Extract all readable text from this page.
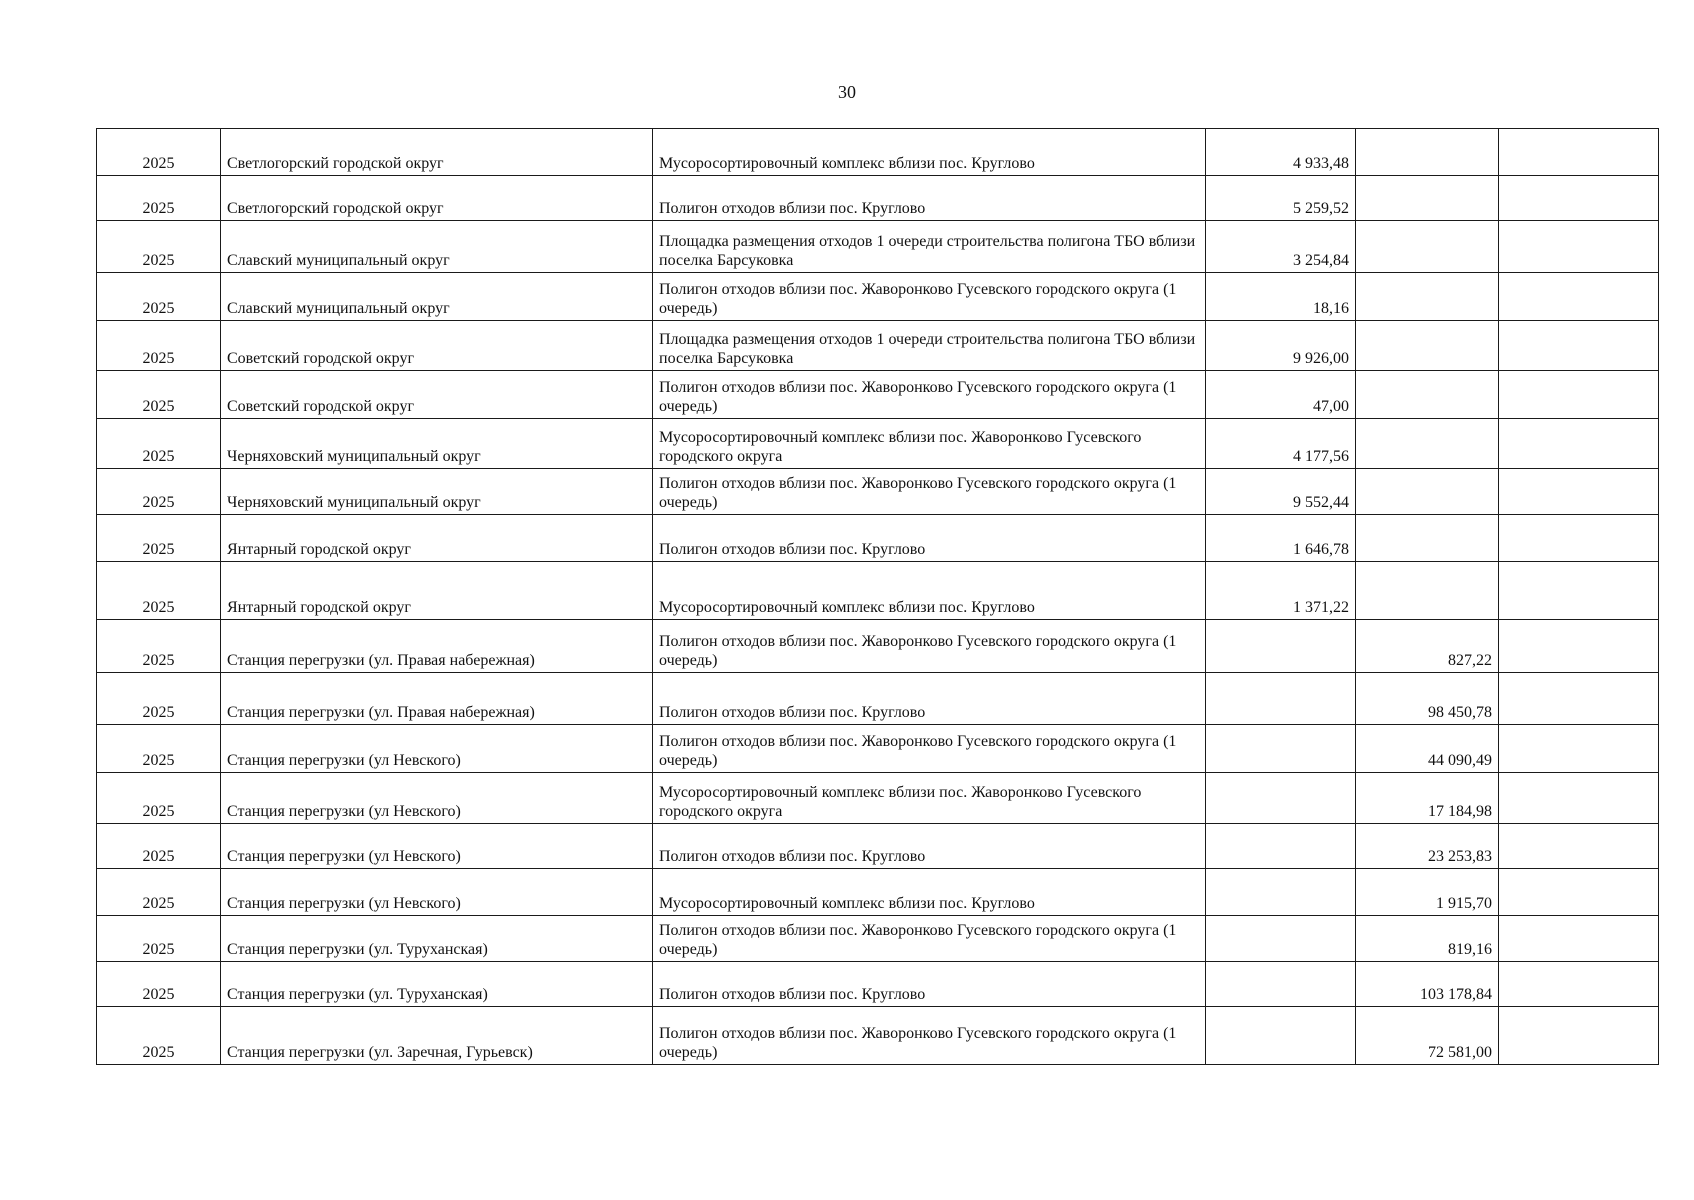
30
2025	Светлогорский городской округ	Мусоросортировочный комплекс вблизи пос. Круглово	4 933,48		
2025	Светлогорский городской округ	Полигон отходов вблизи пос. Круглово	5 259,52		
2025	Славский муниципальный округ	Площадка размещения отходов 1 очереди строительства полигона ТБО вблизи поселка Барсуковка	3 254,84		
2025	Славский муниципальный округ	Полигон отходов вблизи пос. Жаворонково Гусевского городского округа (1 очередь)	18,16		
2025	Советский городской округ	Площадка размещения отходов 1 очереди строительства полигона ТБО вблизи поселка Барсуковка	9 926,00		
2025	Советский городской округ	Полигон отходов вблизи пос. Жаворонково Гусевского городского округа (1 очередь)	47,00		
2025	Черняховский муниципальный округ	Мусоросортировочный комплекс вблизи пос. Жаворонково Гусевского городского округа	4 177,56		
2025	Черняховский муниципальный округ	Полигон отходов вблизи пос. Жаворонково Гусевского городского округа (1 очередь)	9 552,44		
2025	Янтарный городской округ	Полигон отходов вблизи пос. Круглово	1 646,78		
2025	Янтарный городской округ	Мусоросортировочный комплекс вблизи пос. Круглово	1 371,22		
2025	Станция перегрузки (ул. Правая набережная)	Полигон отходов вблизи пос. Жаворонково Гусевского городского округа (1 очередь)		827,22	
2025	Станция перегрузки (ул. Правая набережная)	Полигон отходов вблизи пос. Круглово		98 450,78	
2025	Станция перегрузки (ул Невского)	Полигон отходов вблизи пос. Жаворонково Гусевского городского округа (1 очередь)		44 090,49	
2025	Станция перегрузки (ул Невского)	Мусоросортировочный комплекс вблизи пос. Жаворонково Гусевского городского округа		17 184,98	
2025	Станция перегрузки (ул Невского)	Полигон отходов вблизи пос. Круглово		23 253,83	
2025	Станция перегрузки (ул Невского)	Мусоросортировочный комплекс вблизи пос. Круглово		1 915,70	
2025	Станция перегрузки (ул. Туруханская)	Полигон отходов вблизи пос. Жаворонково Гусевского городского округа (1 очередь)		819,16	
2025	Станция перегрузки (ул. Туруханская)	Полигон отходов вблизи пос. Круглово		103 178,84	
2025	Станция перегрузки (ул. Заречная, Гурьевск)	Полигон отходов вблизи пос. Жаворонково Гусевского городского округа (1 очередь)		72 581,00	
